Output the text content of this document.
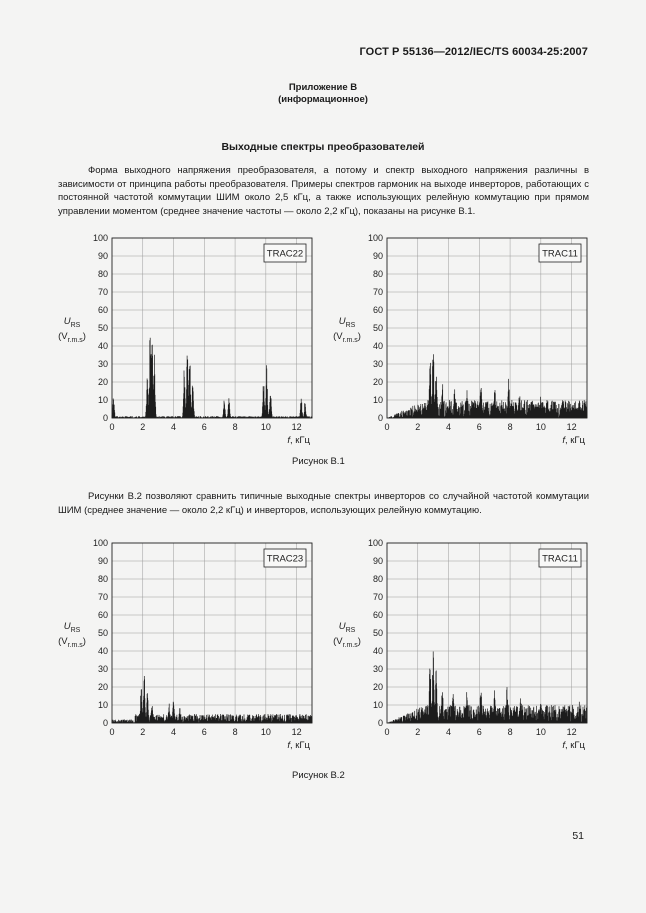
ГОСТ Р 55136—2012/IEC/TS 60034-25:2007
Приложение В
(информационное)
Выходные спектры преобразователей

Форма выходного напряжения преобразователя, а потому и спектр выходного напряжения различны в зависимости от принципа работы преобразователя. Примеры спектров гармоник на выходе инверторов, работающих с постоянной частотой коммутации ШИМ около 2,5 кГц, а также использующих релейную коммутацию при прямом управлении моментом (среднее значение частоты — около 2,2 кГц), показаны на рисунке В.1.

0
10
20
30
40
50
60
70
80
90
100
0	2	4	6	8	10 12
$U_{RS}$
$(V_{r.m.s})$
f, кГц
TRAC22
0
10
20
30
40
50
60
70
80
90
100
0	2	4	6	8	10 12
$U_{RS}$
$(V_{r.m.s})$
f, кГц
TRAC11
Рисунок В.1

Рисунки В.2 позволяют сравнить типичные выходные спектры инверторов со случайной частотой коммутации ШИМ (среднее значение — около 2,2 кГц) и инверторов, использующих релейную коммутацию.

0
10
20
30
40
50
60
70
80
90
100
0	2	4	6	8	10 12
$U_{RS}$
$(V_{r.m.s})$
f, кГц
TRAC23
0
10
20
30
40
50
60
70
80
90
100
0	2	4	6	8	10 12
$U_{RS}$
$(V_{r.m.s})$
f, кГц
TRAC11
Рисунок В.2
51
